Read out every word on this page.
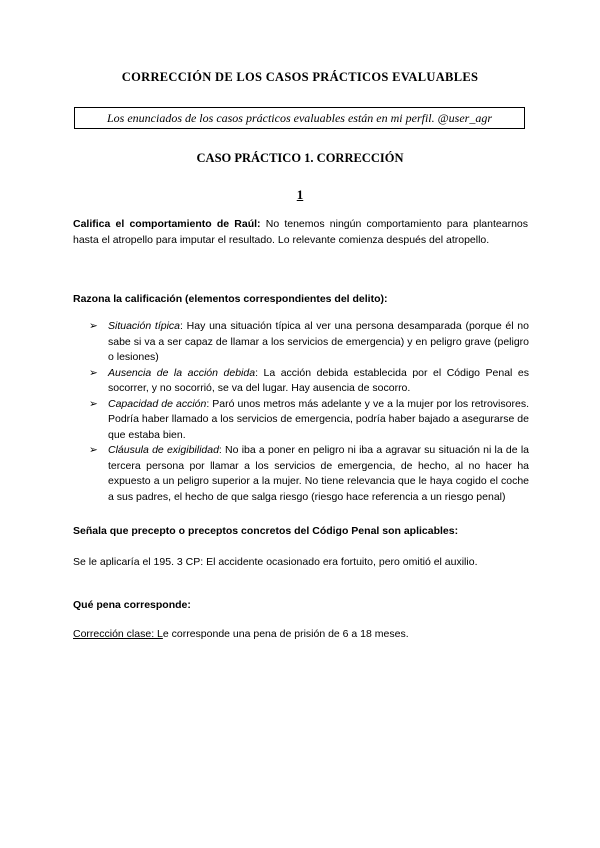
CORRECCIÓN DE LOS CASOS PRÁCTICOS EVALUABLES
Los enunciados de los casos prácticos evaluables están en mi perfil. @user_agr
CASO PRÁCTICO 1. CORRECCIÓN
1
Califica el comportamiento de Raúl: No tenemos ningún comportamiento para plantearnos hasta el atropello para imputar el resultado. Lo relevante comienza después del atropello.
Razona la calificación (elementos correspondientes del delito):
➢ Situación típica: Hay una situación típica al ver una persona desamparada (porque él no sabe si va a ser capaz de llamar a los servicios de emergencia) y en peligro grave (peligro o lesiones)
➢ Ausencia de la acción debida: La acción debida establecida por el Código Penal es socorrer, y no socorrió, se va del lugar. Hay ausencia de socorro.
➢ Capacidad de acción: Paró unos metros más adelante y ve a la mujer por los retrovisores. Podría haber llamado a los servicios de emergencia, podría haber bajado a asegurarse de que estaba bien.
➢ Cláusula de exigibilidad: No iba a poner en peligro ni iba a agravar su situación ni la de la tercera persona por llamar a los servicios de emergencia, de hecho, al no hacer ha expuesto a un peligro superior a la mujer. No tiene relevancia que le haya cogido el coche a sus padres, el hecho de que salga riesgo (riesgo hace referencia a un riesgo penal)
Señala que precepto o preceptos concretos del Código Penal son aplicables:
Se le aplicaría el 195. 3 CP: El accidente ocasionado era fortuito, pero omitió el auxilio.
Qué pena corresponde:
Corrección clase: Le corresponde una pena de prisión de 6 a 18 meses.
